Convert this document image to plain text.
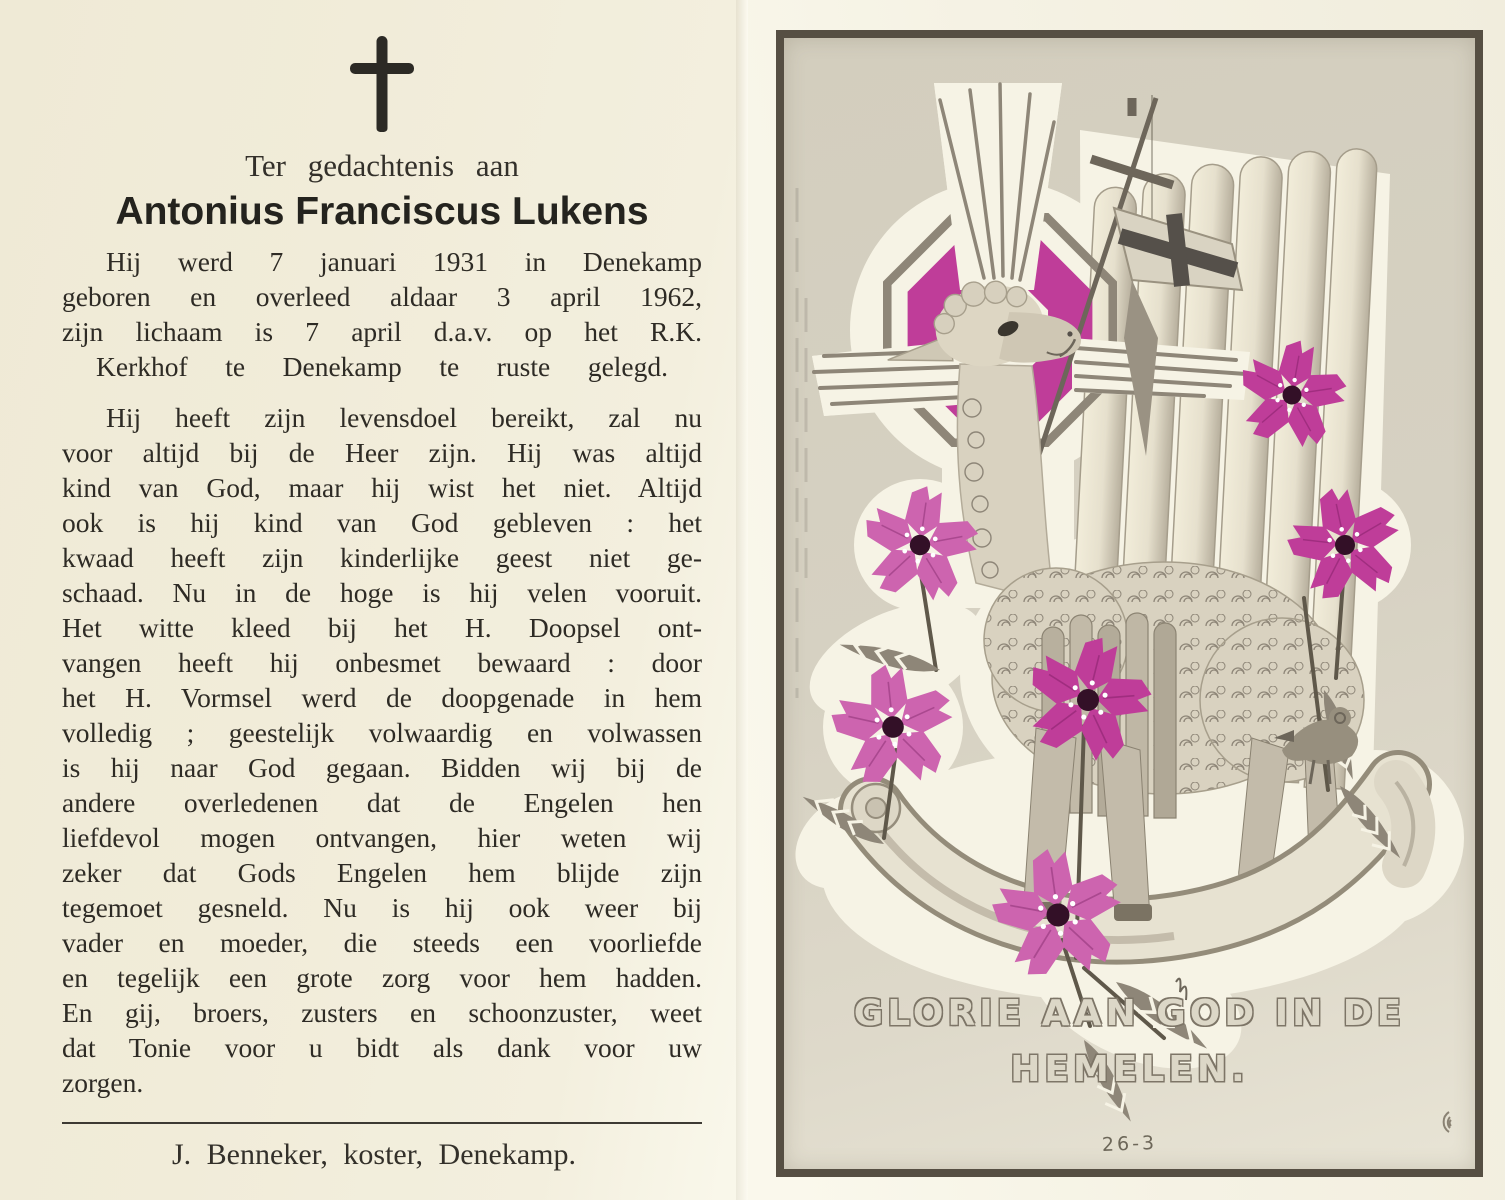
Ter gedachtenis aan
Antonius Franciscus Lukens
Hij werd 7 januari 1931 in Denekamp
geboren en overleed aldaar 3 april 1962,
zijn lichaam is 7 april d.a.v. op het R.K.
Kerkhof te Denekamp te ruste gelegd.
Hij heeft zijn levensdoel bereikt, zal nu
voor altijd bij de Heer zijn. Hij was altijd
kind van God, maar hij wist het niet. Altijd
ook is hij kind van God gebleven : het
kwaad heeft zijn kinderlijke geest niet ge-
schaad. Nu in de hoge is hij velen vooruit.
Het witte kleed bij het H. Doopsel ont-
vangen heeft hij onbesmet bewaard : door
het H. Vormsel werd de doopgenade in hem
volledig ; geestelijk volwaardig en volwassen
is hij naar God gegaan. Bidden wij bij de
andere overledenen dat de Engelen hen
liefdevol mogen ontvangen, hier weten wij
zeker dat Gods Engelen hem blijde zijn
tegemoet gesneld. Nu is hij ook weer bij
vader en moeder, die steeds een voorliefde
en tegelijk een grote zorg voor hem hadden.
En gij, broers, zusters en schoonzuster, weet
dat Tonie voor u bidt als dank voor uw
zorgen.
J. Benneker, koster, Denekamp.
GLORIE AAN GOD IN DE
HEMELEN.
26-3
